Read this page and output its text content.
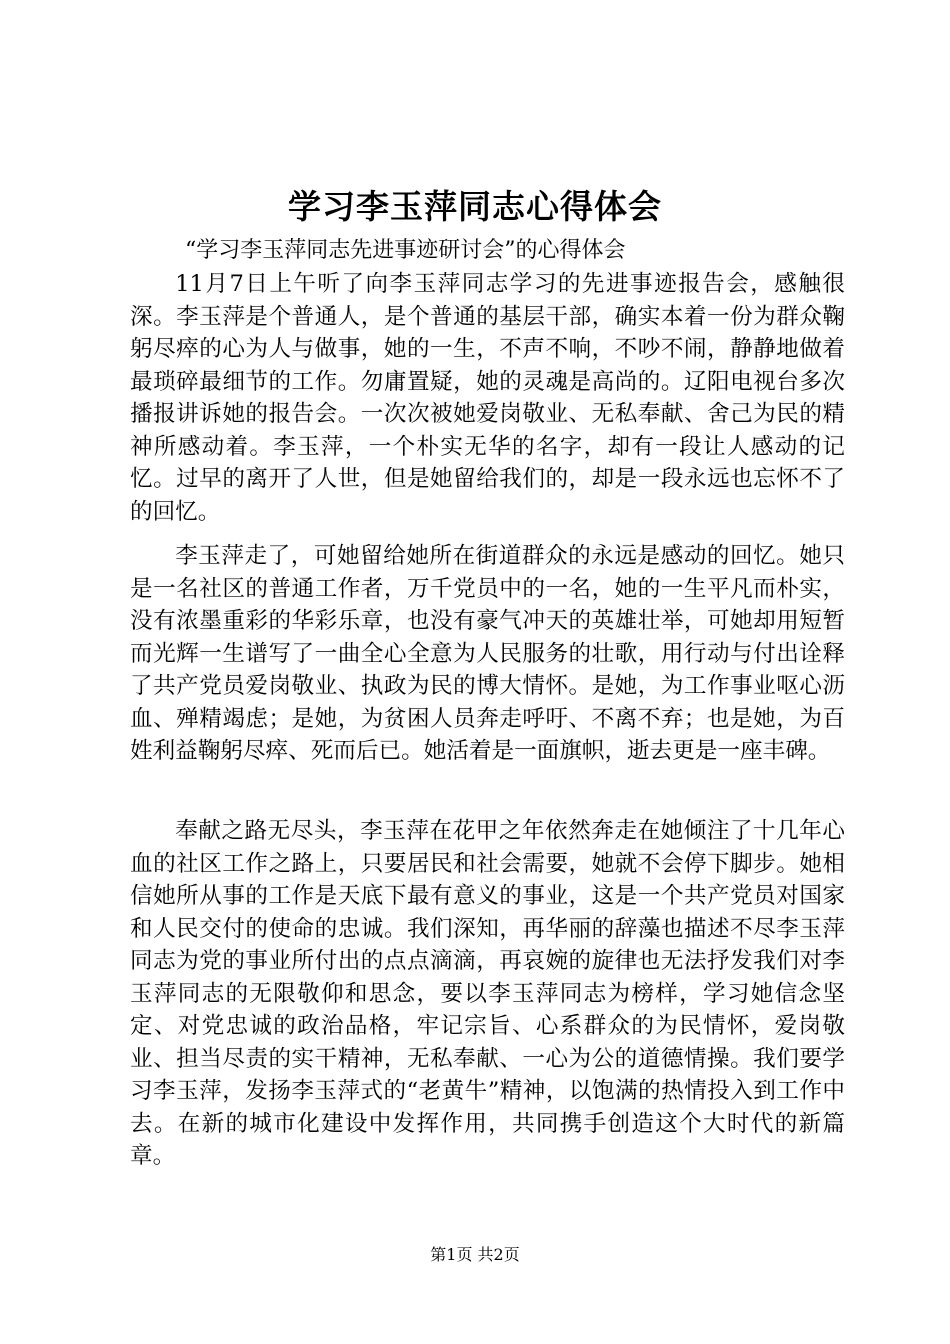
学习李玉萍同志心得体会
“学习李玉萍同志先进事迹研讨会”的心得体会

11月7日上午听了向李玉萍同志学习的先进事迹报告会，感触很深。李玉萍是个普通人，是个普通的基层干部，确实本着一份为群众鞠躬尽瘁的心为人与做事，她的一生，不声不响，不吵不闹，静静地做着最琐碎最细节的工作。勿庸置疑，她的灵魂是高尚的。辽阳电视台多次播报讲诉她的报告会。一次次被她爱岗敬业、无私奉献、舍己为民的精神所感动着。李玉萍，一个朴实无华的名字，却有一段让人感动的记忆。过早的离开了人世，但是她留给我们的，却是一段永远也忘怀不了的回忆。

李玉萍走了，可她留给她所在街道群众的永远是感动的回忆。她只是一名社区的普通工作者，万千党员中的一名，她的一生平凡而朴实，没有浓墨重彩的华彩乐章，也没有豪气冲天的英雄壮举，可她却用短暂而光辉一生谱写了一曲全心全意为人民服务的壮歌，用行动与付出诠释了共产党员爱岗敬业、执政为民的博大情怀。是她，为工作事业呕心沥血、殚精竭虑；是她，为贫困人员奔走呼吁、不离不弃；也是她，为百姓利益鞠躬尽瘁、死而后已。她活着是一面旗帜，逝去更是一座丰碑。

奉献之路无尽头，李玉萍在花甲之年依然奔走在她倾注了十几年心血的社区工作之路上，只要居民和社会需要，她就不会停下脚步。她相信她所从事的工作是天底下最有意义的事业，这是一个共产党员对国家和人民交付的使命的忠诚。我们深知，再华丽的辞藻也描述不尽李玉萍同志为党的事业所付出的点点滴滴，再哀婉的旋律也无法抒发我们对李玉萍同志的无限敬仰和思念，要以李玉萍同志为榜样，学习她信念坚定、对党忠诚的政治品格，牢记宗旨、心系群众的为民情怀，爱岗敬业、担当尽责的实干精神，无私奉献、一心为公的道德情操。我们要学习李玉萍，发扬李玉萍式的“老黄牛”精神，以饱满的热情投入到工作中去。在新的城市化建设中发挥作用，共同携手创造这个大时代的新篇章。

第1页 共2页
